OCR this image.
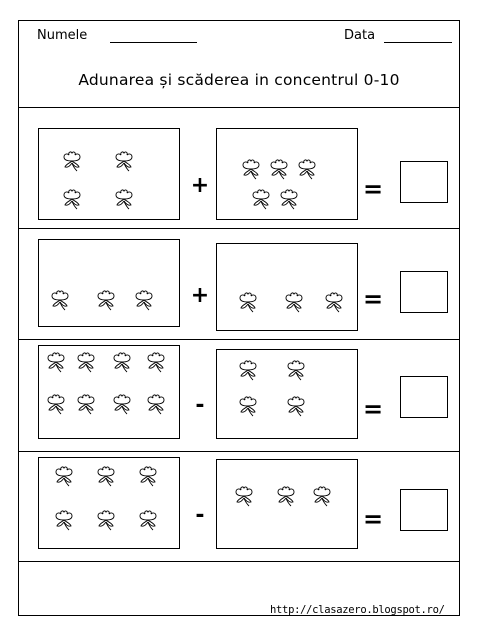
Numele	Data
Adunarea și scăderea in concentrul 0-10
+	=
+	=
-	=
-	=
http://clasazero.blogspot.ro/
